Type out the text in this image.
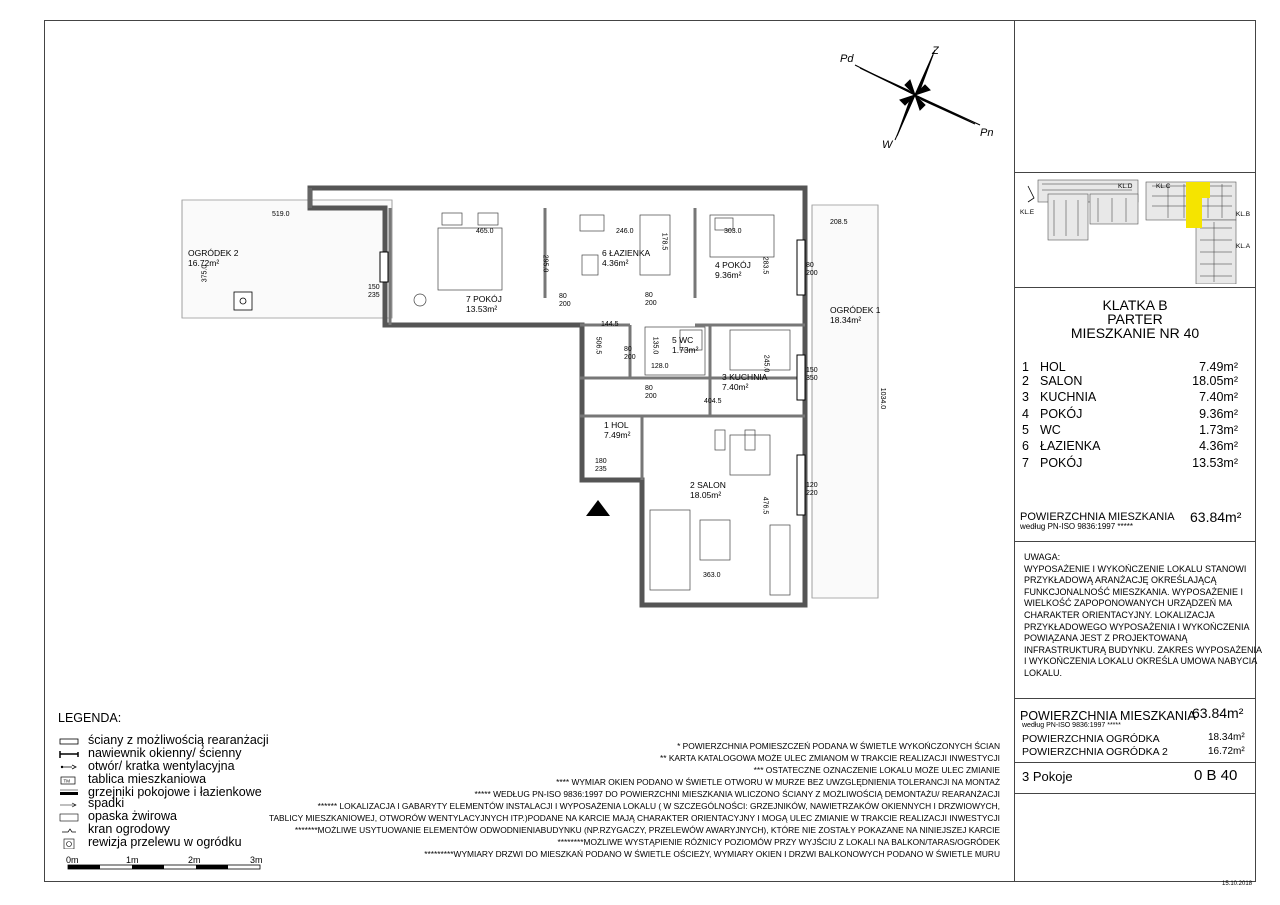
Z
Pn
W
Pd
KL.D	KL.C
KL.E	KL.B
KL.A
KLATKA B
PARTER
MIESZKANIE NR 40
1 HOL	7.49m²
2 SALON	18.05m²
3 KUCHNIA	7.40m²
4 POKÓJ	9.36m²
5 WC	1.73m²
6 ŁAZIENKA	4.36m²
7 POKÓJ	13.53m²
POWIERZCHNIA MIESZKANIA
według PN-ISO 9836:1997 *****
63.84m²
UWAGA:
WYPOSAŻENIE I WYKOŃCZENIE LOKALU STANOWI
PRZYKŁADOWĄ ARANŻACJĘ OKREŚLAJĄCĄ
FUNKCJONALNOŚĆ MIESZKANIA. WYPOSAŻENIE I
WIELKOŚĆ ZAPOPONOWANYCH URZĄDZEŃ MA
CHARAKTER ORIENTACYJNY. LOKALIZACJA
PRZYKŁADOWEGO WYPOSAŻENIA I WYKOŃCZENIA
POWIĄZANA JEST Z PROJEKTOWANĄ
INFRASTRUKTURĄ BUDYNKU. ZAKRES WYPOSAŻENIA
I WYKOŃCZENIA LOKALU OKREŚLA UMOWA NABYCIA
LOKALU.
POWIERZCHNIA MIESZKANIA
63.84m²
według PN-ISO 9836:1997 *****
POWIERZCHNIA OGRÓDKA	18.34m²
POWIERZCHNIA OGRÓDKA 2	16.72m²
3 Pokoje	0 B 40
15.10.2018
LEGENDA:
ściany z możliwością rearanżacji
nawiewnik okienny/ ścienny
otwór/ kratka wentylacyjna
TM tablica mieszkaniowa
grzejniki pokojowe i łazienkowe
spadki
opaska żwirowa
kran ogrodowy
rewizja przelewu w ogródku
0m	1m	2m	3m
* POWIERZCHNIA POMIESZCZEŃ PODANA W ŚWIETLE WYKOŃCZONYCH ŚCIAN
** KARTA KATALOGOWA MOŻE ULEC ZMIANOM W TRAKCIE REALIZACJI INWESTYCJI
*** OSTATECZNE OZNACZENIE LOKALU MOŻE ULEC ZMIANIE
**** WYMIAR OKIEN PODANO W ŚWIETLE OTWORU W MURZE BEZ UWZGLĘDNIENIA TOLERANCJI NA MONTAŻ
***** WEDŁUG PN-ISO 9836:1997 DO POWIERZCHNI MIESZKANIA WLICZONO ŚCIANY Z MOŻLIWOŚCIĄ DEMONTAŻU/ REARANŻACJI
****** LOKALIZACJA I GABARYTY ELEMENTÓW INSTALACJI I WYPOSAŻENIA LOKALU ( W SZCZEGÓLNOŚCI: GRZEJNIKÓW, NAWIETRZAKÓW OKIENNYCH I DRZWIOWYCH,
TABLICY MIESZKANIOWEJ, OTWORÓW WENTYLACYJNYCH ITP.)PODANE NA KARCIE MAJĄ CHARAKTER ORIENTACYJNY I MOGĄ ULEC ZMIANIE W TRAKCIE REALIZACJI INWESTYCJI
*******MOŻLIWE USYTUOWANIE ELEMENTÓW ODWODNIENIABUDYNKU (NP.RZYGACZY, PRZELEWÓW AWARYJNYCH), KTÓRE NIE ZOSTAŁY POKAZANE NA NINIEJSZEJ KARCIE
********MOŻLIWE WYSTĄPIENIE RÓŻNICY POZIOMÓW PRZY WYJŚCIU Z LOKALI NA BALKON/TARAS/OGRÓDEK
*********WYMIARY DRZWI DO MIESZKAŃ PODANO W ŚWIETLE OŚCIEŻY, WYMIARY OKIEN I DRZWI BALKONOWYCH PODANO W ŚWIETLE MURU
OGRÓDEK 2
16.72m²
OGRÓDEK 1
18.34m²
7 POKÓJ
13.53m²
6 ŁAZIENKA
4.36m²	4 POKÓJ
9.36m²
5 WC
1.73m²
3 KUCHNIA
7.40m²
1 HOL
7.49m²
2 SALON
18.05m²
519.0
375.0
465.0	246.0
178.5
303.0
208.5
295.0	283.5
144.5
506.5	135.0
128.0	245.0
404.5	1034.0
476.5
363.0
150
235	80
200
80
200
80
200
80
200
80
200
150
350
120
220
180
235
